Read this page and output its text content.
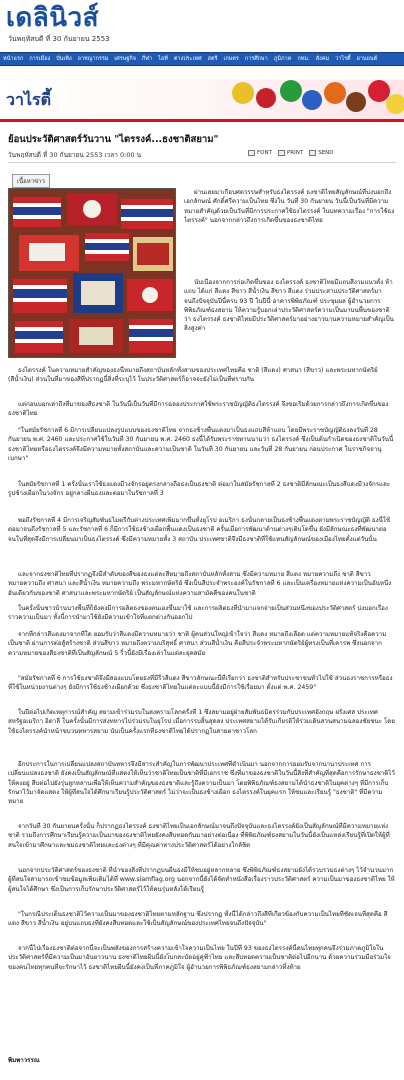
เดลินิวส์
วันพฤหัสบดี ที่ 30 กันยายน 2553
หน้าแรก	การเมือง	บันเทิง	อาชญากรรม	เศรษฐกิจ	กีฬา	ไอที	ต่างประเทศ	สตรี	เกษตร	การศึกษา	ภูมิภาค	กทม.	สังคม	วาไรตี้	ยานยนต์
วาไรตี้
ย้อนประวัติศาสตร์วันวาน "ไตรรงค์...ธงชาติสยาม"
วันพฤหัสบดี ที่ 30 กันยายน 2553 เวลา 0:00 น	FONT	PRINT	SEND
เนื้อหาข่าว
ผ่านเลยมาเกือบศตวรรษสำหรับธงไตรรงค์ ธงชาติไทยสัญลักษณ์ที่บ่งบอกถึงเอกลักษณ์ ศักดิ์ศรีความเป็นไทย ซึ่งใน วันที่ 30 กันยายน วันนี้เป็นวันที่มีความหมายสำคัญด้วยเป็นวันที่มีการประกาศใช้ธงไตรรงค์ ในบทความเรื่อง "การใช้ธงไตรรงค์" นอกจากกล่าวถึงการเกิดขึ้นของธงชาติไทย
นับเนื่องจากการก่อเกิดขึ้นของ ธงไตรรงค์ ธงชาติไทยมีแถบสีงามแนวตั้ง ห้าแถบ ได้แก่ สีแดง สีขาว สีน้ำเงิน สีขาว สีแดง ร่วมประสานประวัติศาสตร์มาจนถึงปัจจุบันปีนี้ครบ 93 ปี ในปีนี้ อาคารพิพิธภัณฑ์ ประชุมผล ผู้อำนวยการพิพิธภัณฑ์ธงสยาม ให้ความรู้บอกเล่าประวัติศาสตร์ความเป็นมาบนพื้นของชาติว่า ธงไตรรงค์ ธงชาติไทยมีประวัติศาสตร์มาอย่างยาวนานความหมายสำคัญเป็นสิ่งสูงค่า
ธงไตรรงค์ ในความหมายสำคัญของธงนี้หมายถึงสถาบันหลักทั้งสามของประเทศไทยคือ ชาติ (สีแดง) ศาสนา (สีขาว) และพระมหากษัตริย์ (สีน้ำเงิน) ส่วนในที่มาของสีที่ปรากฏนี้สิ่งที่ระบุไว้ ในประวัติศาสตร์ก็อาจจะยังไม่เป็นที่ทราบกัน
แต่ก่อนบอกเล่าถึงที่มาของสีธงชาติ ในวันนี้เป็นวันที่มีการฉลองประกาศใช้พระราชบัญญัติธงไตรรงค์ จึงขอเริ่มด้วยการกล่าวถึงการเกิดขึ้นของธงชาติไทย
"ในสมัยรัชกาลที่ 6 มีการเปลี่ยนแปลงรูปแบบของธงชาติไทย จากธงช้างพื้นแดงมาเป็นธงแถบสีห้าแถบ โดยมีพระราชบัญญัติธงลงวันที่ 28 กันยายน พ.ศ. 2460 และประกาศใช้ในวันที่ 30 กันยายน พ.ศ. 2460 ธงนี้ได้รับพระราชทานนามว่า ธงไตรรงค์ ซึ่งเป็นต้นกำเนิดของธงชาติในวันนี้ ธงชาติไทยหรือธงไตรรงค์จึงมีความหมายทั้งสถาบันและความเป็นชาติ ในวันที่ 30 กันยายน และวันที่ 28 กันยายน ก่อนประกาศ ในราชกิจจานุเบกษา"
ในสมัยรัชกาลที่ 1 ครั้งนั้นเราใช้ธงแดงมีวงจักรอยู่ตรงกลางถือธงเป็นธงชาติ ต่อมาในสมัยรัชกาลที่ 2 ธงชาติมีลักษณะเป็นธงสีแดงมีวงจักรและรูปช้างเผือกในวงจักร อยู่กลางผืนธงและต่อมาในรัชกาลที่ 3
พอถึงรัชกาลที่ 4 มีการเจริญสัมพันธไมตรีกับต่างประเทศเพิ่มมากขึ้นทั้งยุโรป อเมริกา ธงนั้นกลายเป็นธงช้างพื้นแดงตามพระราชบัญญัติ ธงนี้ใช้ต่อมาจนถึงรัชกาลที่ 5 และรัชกาลที่ 6 ก็มีการใช้ธงช้างเผือกพื้นแดงเป็นธงชาติ ครั้นเมื่อการพัฒนาด้านต่างๆเติบโตขึ้น ยังมีลักษณะธงที่พัฒนาต่อ จนในที่สุดจึงมีการเปลี่ยนมาเป็นธงไตรรงค์ ซึ่งมีความหมายทั้ง 3 สถาบัน ประเทศชาติจึงมีธงชาติที่ใช้แทนสัญลักษณ์ของเมืองไทยตั้งแต่วันนั้น
และจากธงชาติไทยที่ปรากฏจึงมีลำดับของสีของธงแต่ละสีหมายถึงสถาบันหลักทั้งสาม ซึ่งมีความหมาย สีแดง หมายความถึง ชาติ สีขาว หมายความถึง ศาสนา และสีน้ำเงิน หมายความถึง พระมหากษัตริย์ ซึ่งเป็นสีประจำพระองค์ในรัชกาลที่ 6 และเป็นเครื่องหมายแห่งความเป็นอันหนึ่งอันเดียวกันของชาติ ศาสนาและพระมหากษัตริย์ เป็นสัญลักษณ์แห่งความสามัคคีของคนในชาติ
ในครั้งนั้นชาวบ้านบางพื้นที่ก็ยังคงมีการผลิตธงของตนเองขึ้นมาใช้ และการผลิตธงที่นำมาแจกจ่ายเป็นส่วนหนึ่งของประวัติศาสตร์ บ่งบอกเรื่องราวความเป็นมา ทั้งนี้การนำมาใช้ยังมีความเข้าใจที่แตกต่างกันออกไป
จากที่กล่าวสีแดงมาจากที่ใด ยอมรับว่าสีแดงมีความหมายว่า ชาติ ผู้คนส่วนใหญ่เข้าใจว่า สีแดง หมายถึงเลือด แต่ความหมายแท้จริงคือความเป็นชาติ ผ่านการต่อสู้สร้างชาติ ส่วนสีขาว หมายถึงความบริสุทธิ์ ศาสนา ส่วนสีน้ำเงิน คือสีประจำพระมหากษัตริย์ผู้ทรงเป็นที่เคารพ ซึ่งนอกจากความหมายของสีธงชาติที่เป็นสัญลักษณ์ 5 ริ้วนี้ยังมีเรื่องเล่าในแต่ละยุคสมัย
"สมัยรัชกาลที่ 6 การใช้ธงชาติจึงมีสองแบบโดยธงที่มีริ้วสีแดง สีขาวลักษณะนี้ที่เรียกว่า ธงชาติสำหรับประชาชนทั่วไปใช้ ส่วนธงราชการหรือธงที่ใช้ในหน่วยงานต่างๆ ยังมีการใช้ธงช้างเผือกด้วย ซึ่งธงชาติไทยในแต่ละแบบนี้ยังมีการใช้เรื่อยมา ตั้งแต่ พ.ศ. 2459"
ในปีต่อไปเกิดเหตุการณ์สำคัญ สยามเข้าร่วมรบในสงครามโลกครั้งที่ 1 ซึ่งสยามอยู่ฝ่ายสัมพันธมิตรร่วมกับประเทศอังกฤษ ฝรั่งเศส ประเทศสหรัฐอเมริกา อิตาลี ในครั้งนั้นมีการส่งทหารไปร่วมรบในยุโรป เมื่อการรบสิ้นสุดลง ประเทศสยามได้รับเกียรติให้ร่วมเดินสวนสนามฉลองชัยชนะ โดยใช้ธงไตรรงค์นำหน้าขบวนทหารสยาม นับเป็นครั้งแรกที่ธงชาติไทยได้ปรากฏในสายตาชาวโลก
อีกประการในการเปลี่ยนแปลงสถาบันทหารจึงมีสาระสำคัญในการพัฒนาประเทศที่ดำเนินมา นอกจากการยอมรับจากนานาประเทศ การเปลี่ยนแปลงธงชาติ ยังคงเป็นสัญลักษณ์ที่แสดงให้เห็นว่าชาติไทยเป็นชาติที่มีเอกราช ซึ่งที่มาของธงชาติในวันนี้สิ่งที่สำคัญที่สุดคือการรักษาธงชาติไว้ให้คงอยู่ สืบต่อไปยังรุ่นลูกหลานเพื่อให้เห็นความสำคัญของธงชาติและรู้ถึงความเป็นมา โดยพิพิธภัณฑ์ธงสยามได้นำธงชาติในยุคต่างๆ ที่มีการเก็บรักษาไว้มาจัดแสดง ให้ผู้ที่สนใจได้ศึกษาเรียนรู้ประวัติศาสตร์ ไม่ว่าจะเป็นธงช้างเผือก ธงไตรรงค์ในยุคแรก ให้ชมและเรียนรู้ "ธงชาติ" ที่มีความหมาย
จากวันที่ 30 กันยายนครั้งนั้น ก็ปรากฏธงไตรรงค์ ธงชาติไทยเป็นเอกลักษณ์มาจนถึงปัจจุบันและธงไตรรงค์ยังเป็นสัญลักษณ์ที่มีความหมายแห่งชาติ รวมถึงการศึกษาเรียนรู้ความเป็นมาของธงชาติไทยยังคงสืบทอดกันมาอย่างต่อเนื่อง ที่พิพิธภัณฑ์ธงสยามในวันนี้ยังเป็นแหล่งเรียนรู้ที่เปิดให้ผู้ที่สนใจเข้ามาศึกษาและชมธงชาติไทยและธงต่างๆ ที่มีคุณค่าทางประวัติศาสตร์ได้อย่างใกล้ชิด
นอกจากประวัติศาสตร์ของธงชาติ ที่นำของสิ่งที่ปรากฏบนผืนธงมีให้ชมอยู่หลากหลาย ซึ่งพิพิธภัณฑ์ธงสยามยังได้รวบรวมธงต่างๆ ไว้จำนวนมาก ผู้ที่สนใจสามารถเข้าชมข้อมูลเพิ่มเติมได้ที่ www.siamflag.org นอกจากนี้ยังได้จัดทำหนังสือเรื่องราวประวัติศาสตร์ ความเป็นมาของธงชาติไทย ให้ผู้สนใจได้ศึกษา ซึ่งเป็นการเก็บรักษาประวัติศาสตร์ไว้ให้คนรุ่นหลังได้เรียนรู้
"ในกรณีประเด็นธงชาติไว้ความเป็นมาของธงชาติไทยตามหลักฐาน ซึ่งปรากฏ ทั้งนี้ได้กล่าวถึงสีที่เกี่ยวข้องกับความเป็นไทยที่ชัดเจนที่สุดคือ สีแดง สีขาว สีน้ำเงิน อยู่บนแถบธงที่ยังคงสืบทอดและใช้เป็นสัญลักษณ์ของประเทศไทยจนถึงปัจจุบัน"
จากนี้ไปเรื่องธงชาติต่อจากนี้จะเป็นพลังของการสร้างความเข้าใจความเป็นไทย ในปีที่ 93 ของธงไตรรงค์นี้คนไทยทุกคนจึงร่วมภาคภูมิใจในประวัติศาสตร์ที่มีความเป็นมาอันยาวนาน ธงชาติไทยผืนนี้ยังโบกสะบัดอยู่คู่ฟ้าไทย และสืบทอดความเป็นชาติต่อไปอีกนาน ด้วยความร่วมมือร่วมใจของคนไทยทุกคนที่จะรักษาไว้ ธงชาติไทยผืนนี้ยังคงเป็นที่ภาคภูมิใจ ผู้อำนวยการพิพิธภัณฑ์ธงสยามกล่าวทิ้งท้าย
พิมพาวรรณ
